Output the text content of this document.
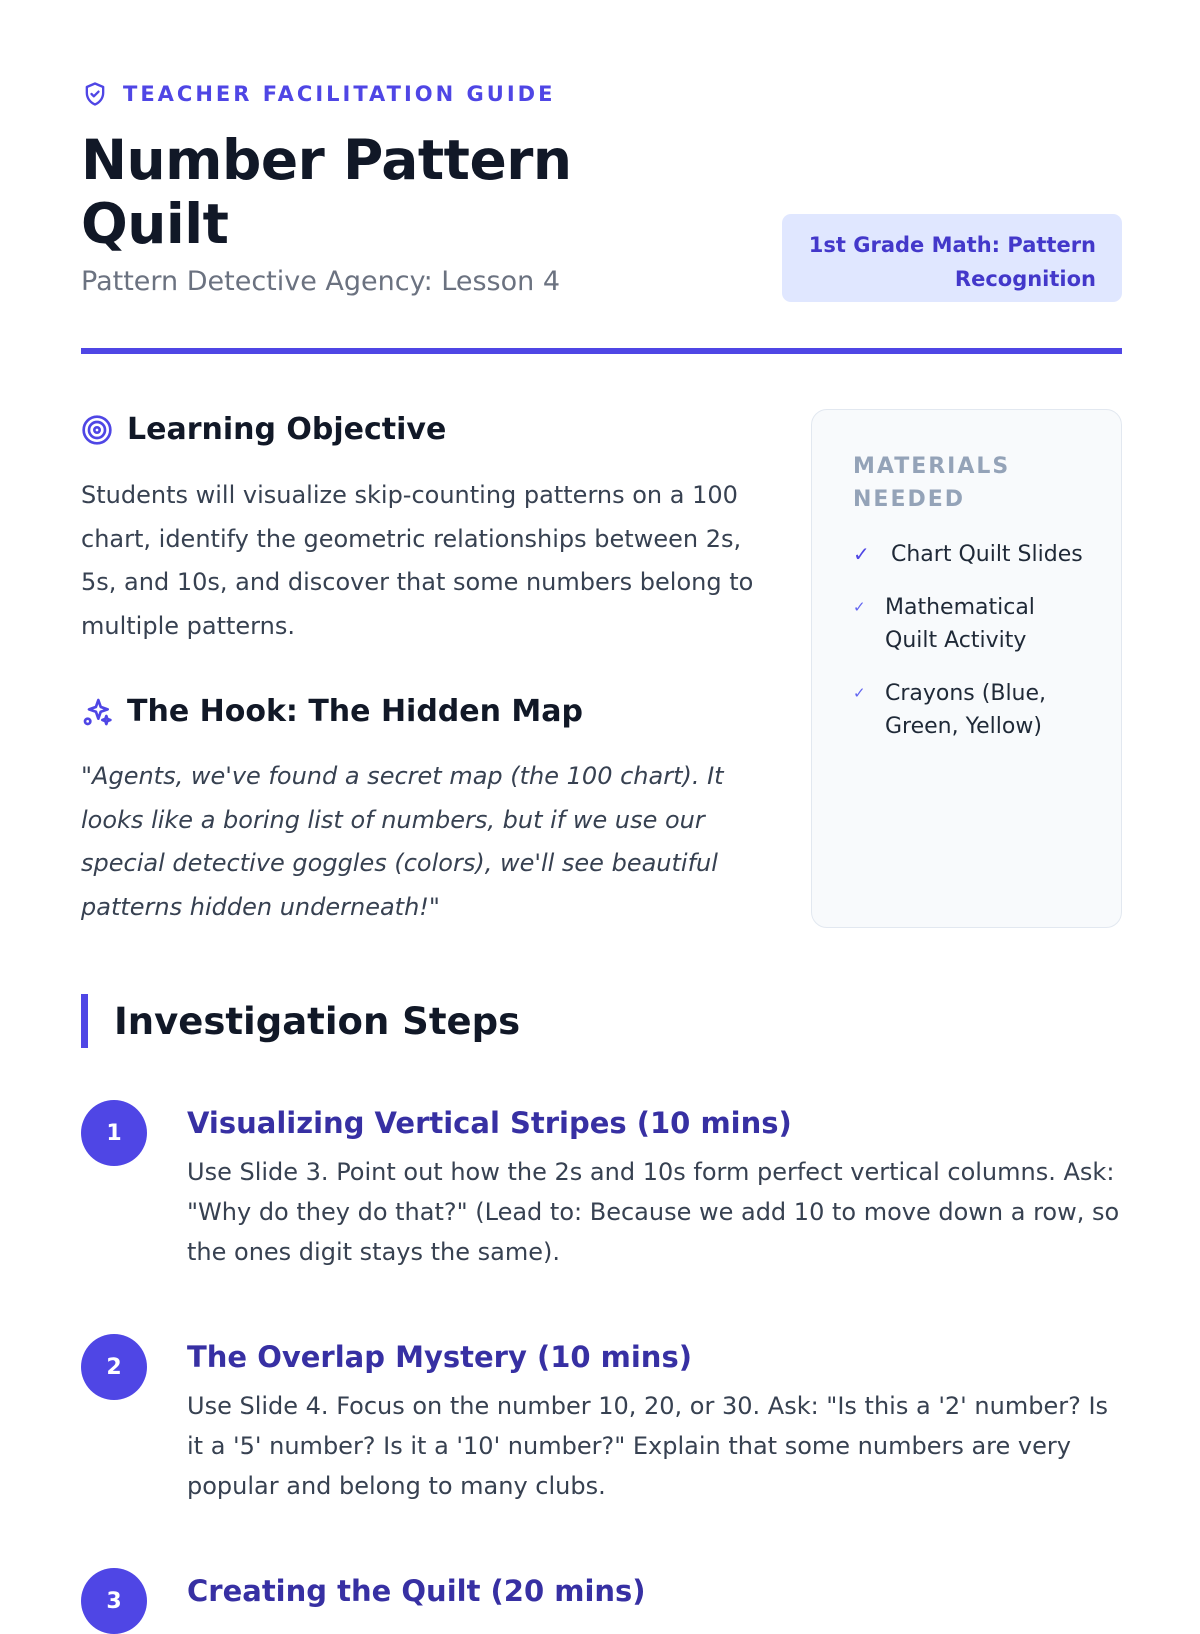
TEACHER FACILITATION GUIDE
Number Pattern Quilt
Pattern Detective Agency: Lesson 4
1st Grade Math: Pattern Recognition
Learning Objective

Students will visualize skip-counting patterns on a 100 chart, identify the geometric relationships between 2s, 5s, and 10s, and discover that some numbers belong to multiple patterns.

The Hook: The Hidden Map

"Agents, we've found a secret map (the 100 chart). It looks like a boring list of numbers, but if we use our special detective goggles (colors), we'll see beautiful patterns hidden underneath!"

MATERIALS NEEDED
✓ Chart Quilt Slides
✓ Mathematical Quilt Activity
✓ Crayons (Blue, Green, Yellow)
Investigation Steps
1	Visualizing Vertical Stripes (10 mins)

Use Slide 3. Point out how the 2s and 10s form perfect vertical columns. Ask: "Why do they do that?" (Lead to: Because we add 10 to move down a row, so the ones digit stays the same).

2	The Overlap Mystery (10 mins)

Use Slide 4. Focus on the number 10, 20, or 30. Ask: "Is this a '2' number? Is it a '5' number? Is it a '10' number?" Explain that some numbers are very popular and belong to many clubs.

3	Creating the Quilt (20 mins)
